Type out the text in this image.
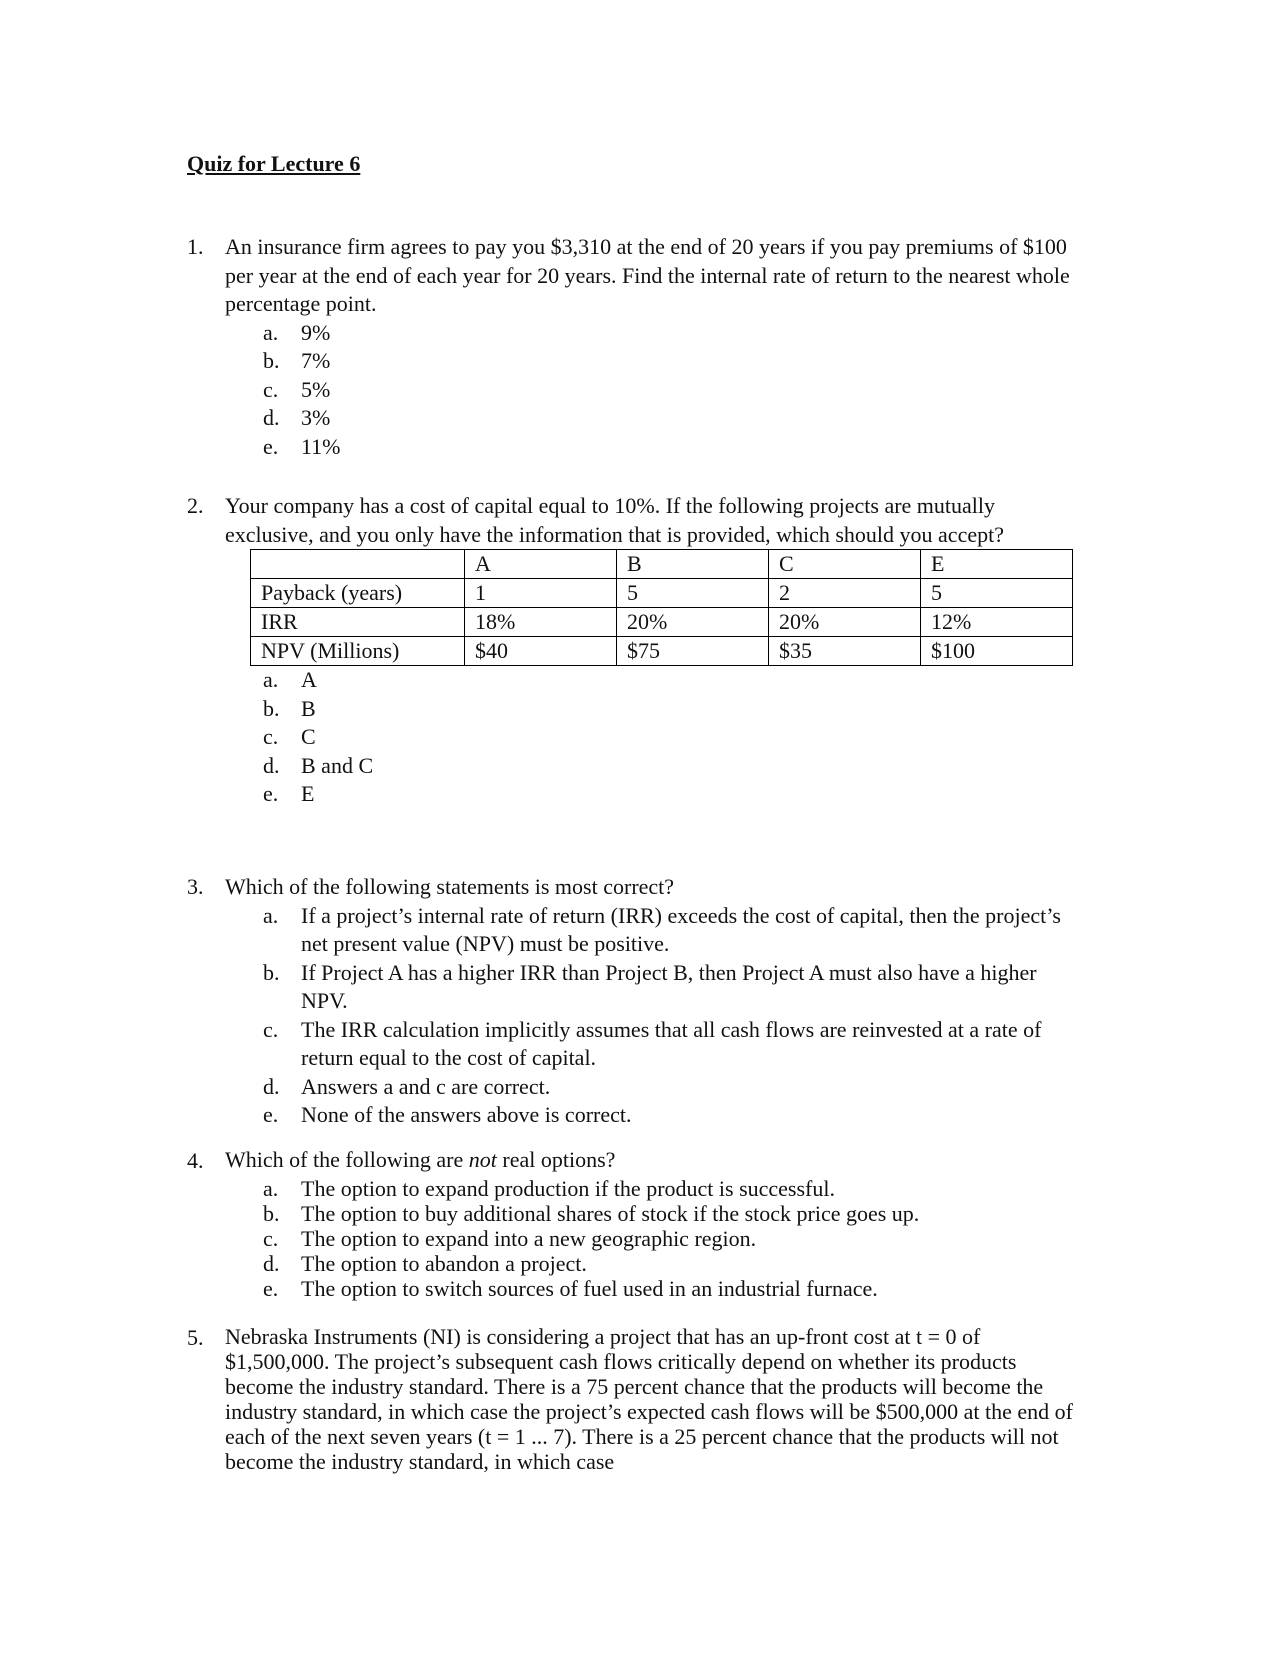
Quiz for Lecture 6
1. An insurance firm agrees to pay you $3,310 at the end of 20 years if you pay premiums of $100 per year at the end of each year for 20 years. Find the internal rate of return to the nearest whole percentage point.
a.	9%
b. 7%
c.	5%
d. 3%
e.	11%
2. Your company has a cost of capital equal to 10%. If the following projects are mutually exclusive, and you only have the information that is provided, which should you accept?
	A	B	C	E
Payback (years)	1	5	2	5
IRR	18%	20%	20%	12%
NPV (Millions)	$40	$75	$35	$100
a.	A
b. B
c.	C
d. B and C
e.	E
3. Which of the following statements is most correct?
a.	If a project’s internal rate of return (IRR) exceeds the cost of capital, then the project’s net present value (NPV) must be positive.
b. If Project A has a higher IRR than Project B, then Project A must also have a higher NPV.
c.	The IRR calculation implicitly assumes that all cash flows are reinvested at a rate of return equal to the cost of capital.
d. Answers a and c are correct.
e.	None of the answers above is correct.
4. Which of the following are not real options?
a.	The option to expand production if the product is successful.
b. The option to buy additional shares of stock if the stock price goes up.
c.	The option to expand into a new geographic region.
d. The option to abandon a project.
e.	The option to switch sources of fuel used in an industrial furnace.
5. Nebraska Instruments (NI) is considering a project that has an up-front cost at t = 0 of $1,500,000. The project’s subsequent cash flows critically depend on whether its products become the industry standard. There is a 75 percent chance that the products will become the industry standard, in which case the project’s expected cash flows will be $500,000 at the end of each of the next seven years (t = 1 ... 7). There is a 25 percent chance that the products will not become the industry standard, in which case
